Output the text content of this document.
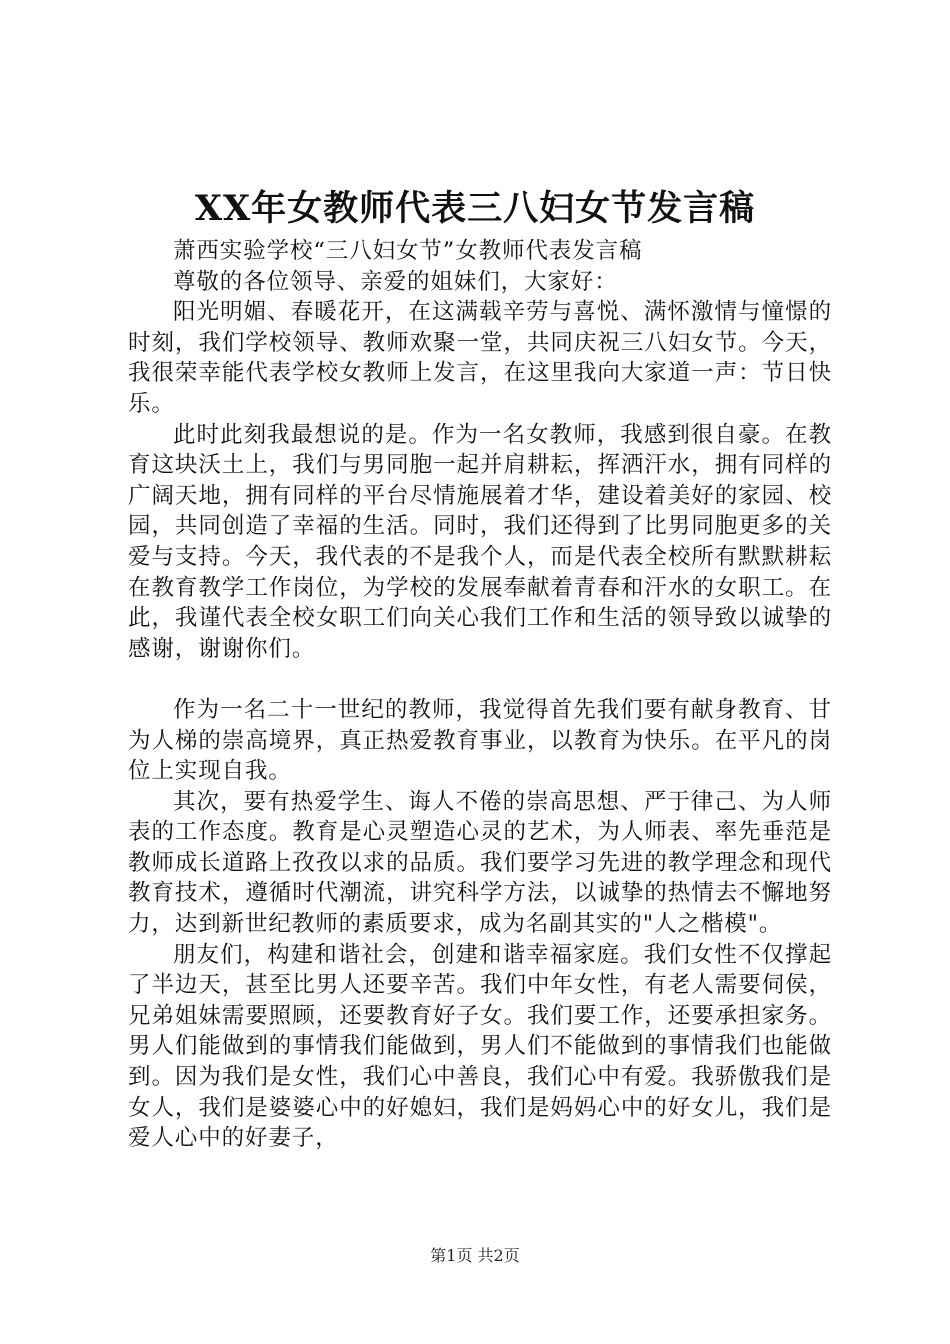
XX年女教师代表三八妇女节发言稿

萧西实验学校“三八妇女节”女教师代表发言稿

尊敬的各位领导、亲爱的姐妹们，大家好：

阳光明媚、春暖花开，在这满载辛劳与喜悦、满怀激情与憧憬的时刻，我们学校领导、教师欢聚一堂，共同庆祝三八妇女节。今天，我很荣幸能代表学校女教师上发言，在这里我向大家道一声：节日快乐。

此时此刻我最想说的是。作为一名女教师，我感到很自豪。在教育这块沃土上，我们与男同胞一起并肩耕耘，挥洒汗水，拥有同样的广阔天地，拥有同样的平台尽情施展着才华，建设着美好的家园、校园，共同创造了幸福的生活。同时，我们还得到了比男同胞更多的关爱与支持。今天，我代表的不是我个人，而是代表全校所有默默耕耘在教育教学工作岗位，为学校的发展奉献着青春和汗水的女职工。在此，我谨代表全校女职工们向关心我们工作和生活的领导致以诚挚的感谢，谢谢你们。

作为一名二十一世纪的教师，我觉得首先我们要有献身教育、甘为人梯的崇高境界，真正热爱教育事业，以教育为快乐。在平凡的岗位上实现自我。

其次，要有热爱学生、诲人不倦的崇高思想、严于律己、为人师表的工作态度。教育是心灵塑造心灵的艺术，为人师表、率先垂范是教师成长道路上孜孜以求的品质。我们要学习先进的教学理念和现代教育技术，遵循时代潮流，讲究科学方法，以诚挚的热情去不懈地努力，达到新世纪教师的素质要求，成为名副其实的"人之楷模"。

朋友们，构建和谐社会，创建和谐幸福家庭。我们女性不仅撑起了半边天，甚至比男人还要辛苦。我们中年女性，有老人需要伺侯，兄弟姐妹需要照顾，还要教育好子女。我们要工作，还要承担家务。男人们能做到的事情我们能做到，男人们不能做到的事情我们也能做到。因为我们是女性，我们心中善良，我们心中有爱。我骄傲我们是女人，我们是婆婆心中的好媳妇，我们是妈妈心中的好女儿，我们是爱人心中的好妻子，

第1页 共2页
